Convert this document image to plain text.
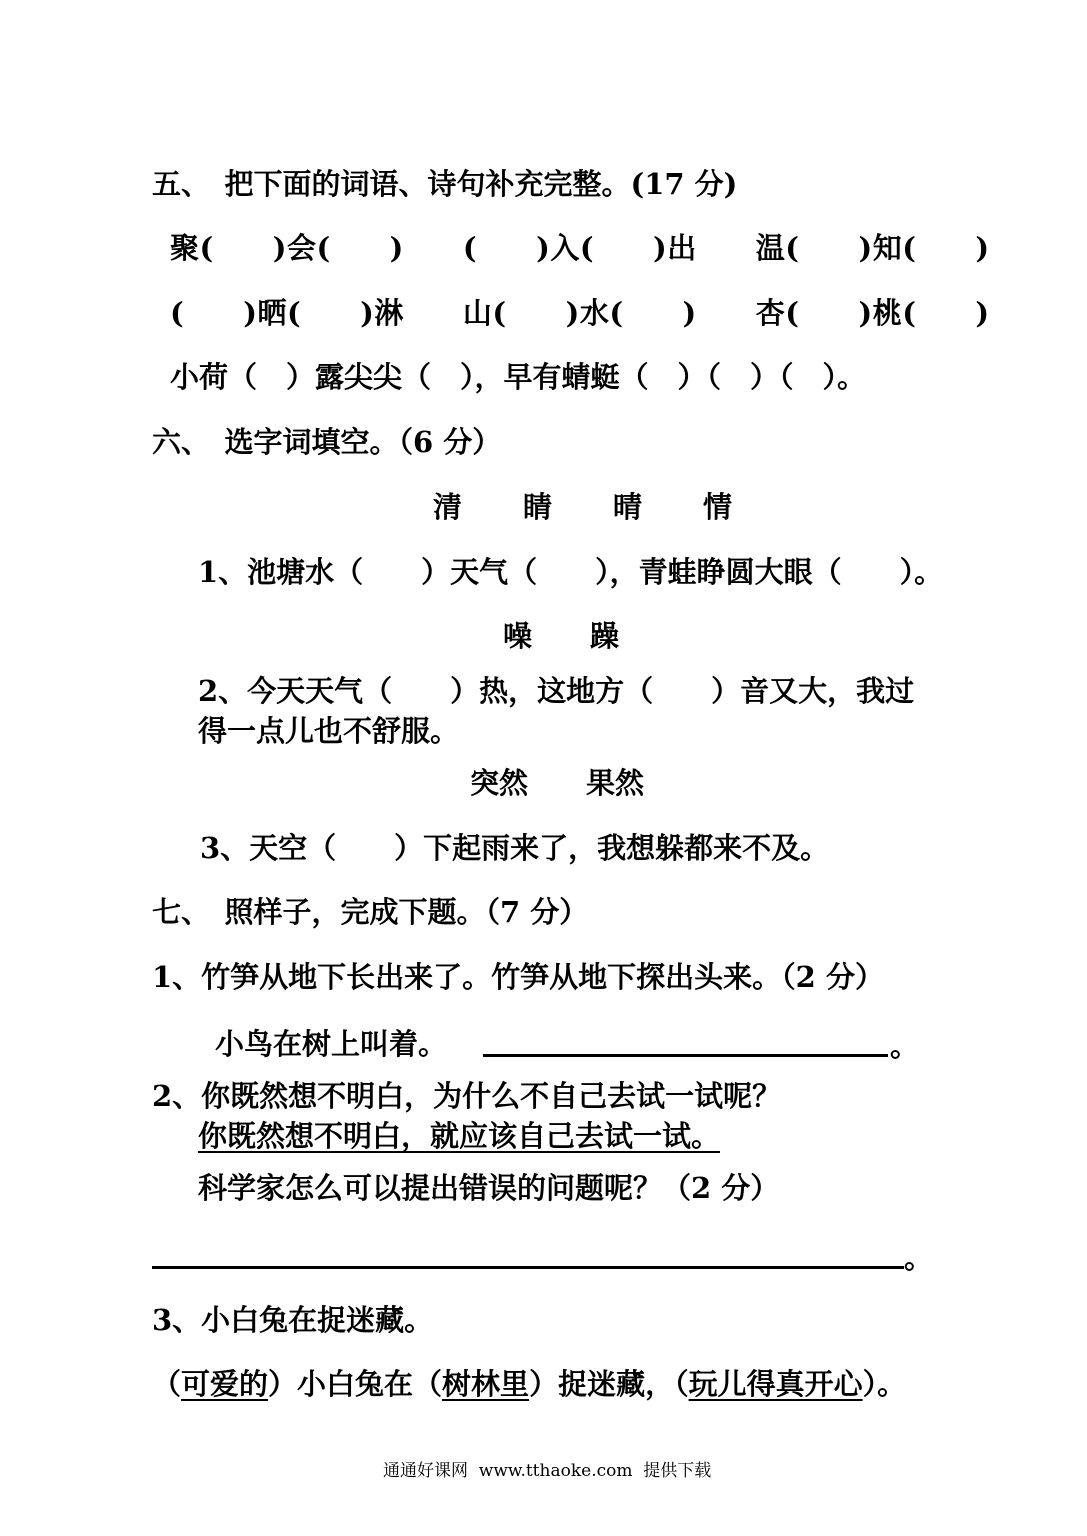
五、　把下面的词语、诗句补充完整。(17 分)
聚(　　)会(　　)　　(　　)入(　　)出　　温(　　)知(　　)
(　　)晒(　　)淋　　山(　　)水(　　)　　杏(　　)桃(　　)
小荷（　）露尖尖（　），早有蜻蜓（　）（　）（　）。
六、　选字词填空。（6 分）
清　睛　晴　情
1、池塘水（　　）天气（　　），青蛙睁圆大眼（　　）。
噪　　躁
2、今天天气（　　）热，这地方（　　）音又大，我过
得一点儿也不舒服。
突然　　果然
3、天空（　　）下起雨来了，我想躲都来不及。
七、　照样子，完成下题。（7 分）
1、竹笋从地下长出来了。竹笋从地下探出头来。（2 分）
小鸟在树上叫着。	。
2、你既然想不明白，为什么不自己去试一试呢？
你既然想不明白，就应该自己去试一试。
科学家怎么可以提出错误的问题呢？（2 分）
。
3、小白兔在捉迷藏。
（可爱的）小白兔在（树林里）捉迷藏，（玩儿得真开心）。
通通好课网  www.tthaoke.com  提供下载
